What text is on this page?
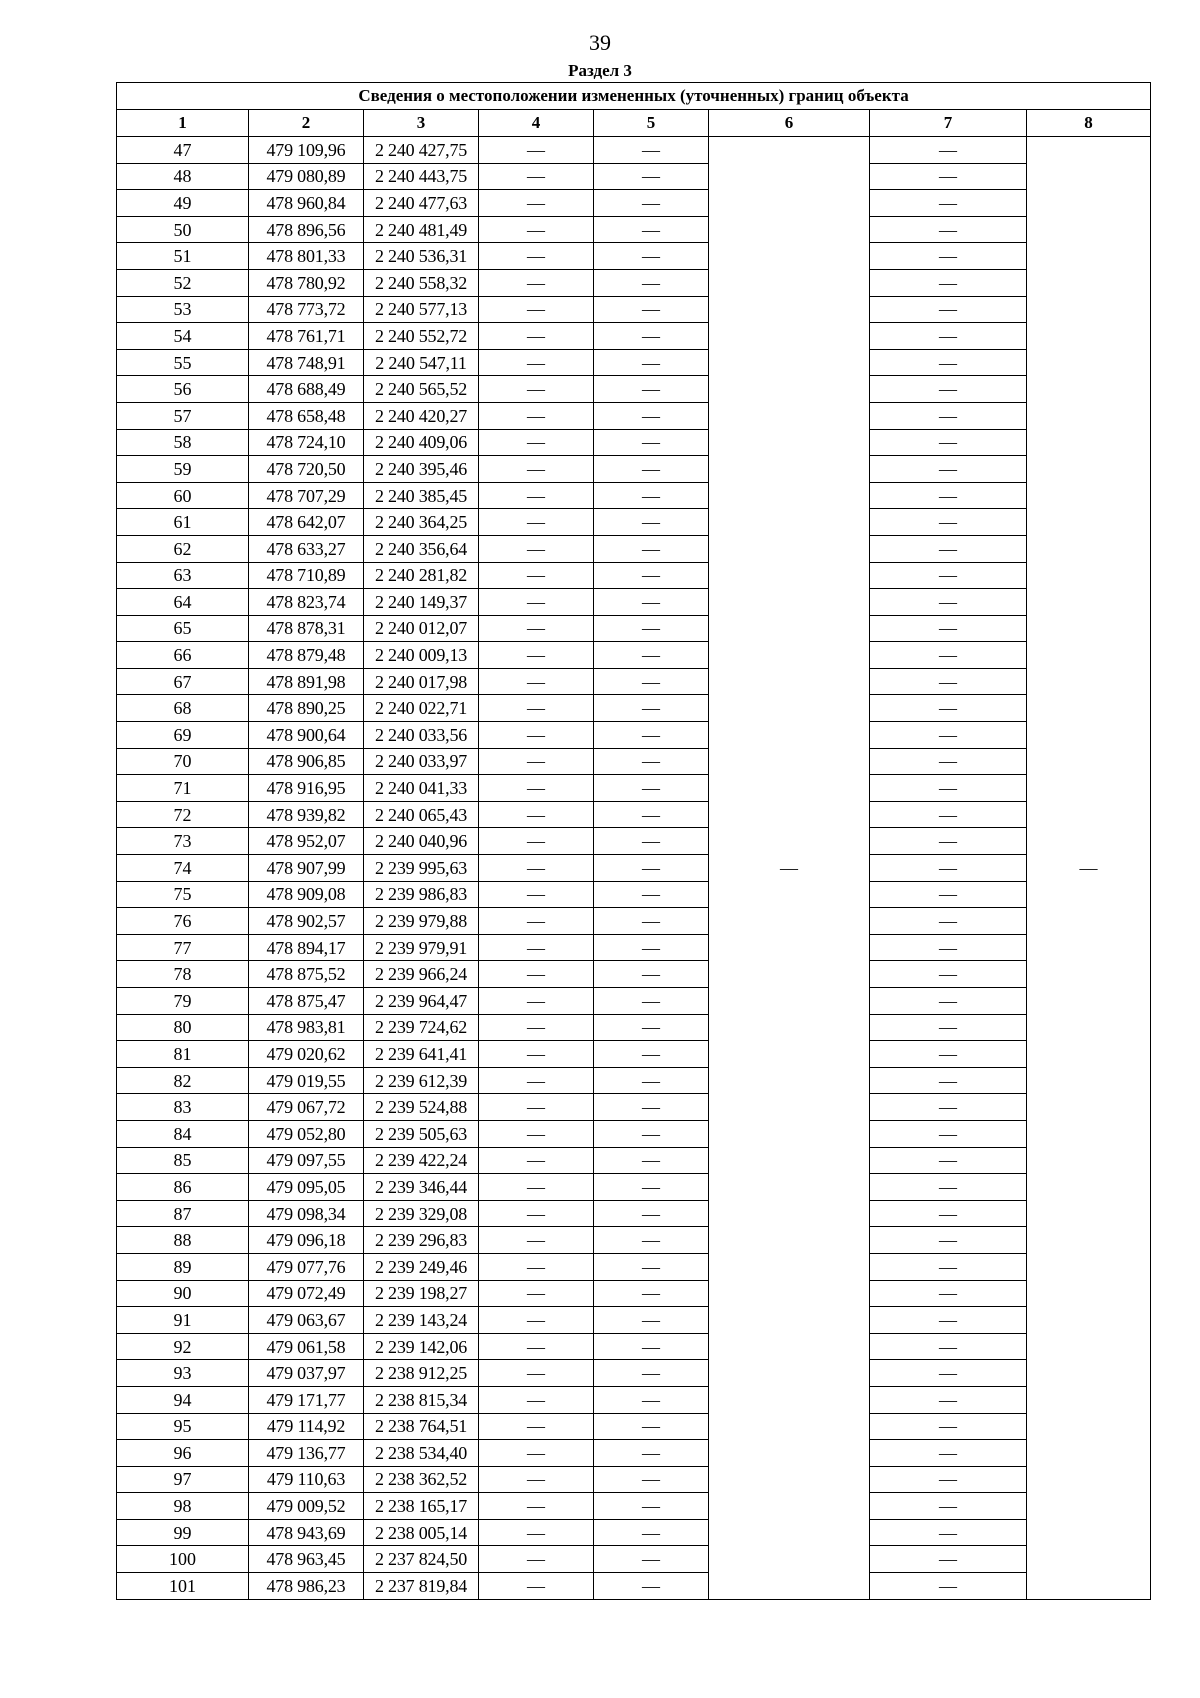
39
Раздел 3
Сведения о местоположении измененных (уточненных) границ объекта							
1	2	3	4	5	6	7	8
47	479 109,96	2 240 427,75	—	—	—	—	—
48	479 080,89	2 240 443,75	—	—		—	
49	478 960,84	2 240 477,63	—	—		—	
50	478 896,56	2 240 481,49	—	—		—	
51	478 801,33	2 240 536,31	—	—		—	
52	478 780,92	2 240 558,32	—	—		—	
53	478 773,72	2 240 577,13	—	—		—	
54	478 761,71	2 240 552,72	—	—		—	
55	478 748,91	2 240 547,11	—	—		—	
56	478 688,49	2 240 565,52	—	—		—	
57	478 658,48	2 240 420,27	—	—		—	
58	478 724,10	2 240 409,06	—	—		—	
59	478 720,50	2 240 395,46	—	—		—	
60	478 707,29	2 240 385,45	—	—		—	
61	478 642,07	2 240 364,25	—	—		—	
62	478 633,27	2 240 356,64	—	—		—	
63	478 710,89	2 240 281,82	—	—		—	
64	478 823,74	2 240 149,37	—	—		—	
65	478 878,31	2 240 012,07	—	—		—	
66	478 879,48	2 240 009,13	—	—		—	
67	478 891,98	2 240 017,98	—	—		—	
68	478 890,25	2 240 022,71	—	—		—	
69	478 900,64	2 240 033,56	—	—		—	
70	478 906,85	2 240 033,97	—	—		—	
71	478 916,95	2 240 041,33	—	—		—	
72	478 939,82	2 240 065,43	—	—		—	
73	478 952,07	2 240 040,96	—	—		—	
74	478 907,99	2 239 995,63	—	—		—	
75	478 909,08	2 239 986,83	—	—		—	
76	478 902,57	2 239 979,88	—	—		—	
77	478 894,17	2 239 979,91	—	—		—	
78	478 875,52	2 239 966,24	—	—		—	
79	478 875,47	2 239 964,47	—	—		—	
80	478 983,81	2 239 724,62	—	—		—	
81	479 020,62	2 239 641,41	—	—		—	
82	479 019,55	2 239 612,39	—	—		—	
83	479 067,72	2 239 524,88	—	—		—	
84	479 052,80	2 239 505,63	—	—		—	
85	479 097,55	2 239 422,24	—	—		—	
86	479 095,05	2 239 346,44	—	—		—	
87	479 098,34	2 239 329,08	—	—		—	
88	479 096,18	2 239 296,83	—	—		—	
89	479 077,76	2 239 249,46	—	—		—	
90	479 072,49	2 239 198,27	—	—		—	
91	479 063,67	2 239 143,24	—	—		—	
92	479 061,58	2 239 142,06	—	—		—	
93	479 037,97	2 238 912,25	—	—		—	
94	479 171,77	2 238 815,34	—	—		—	
95	479 114,92	2 238 764,51	—	—		—	
96	479 136,77	2 238 534,40	—	—		—	
97	479 110,63	2 238 362,52	—	—		—	
98	479 009,52	2 238 165,17	—	—		—	
99	478 943,69	2 238 005,14	—	—		—	
100	478 963,45	2 237 824,50	—	—		—	
101	478 986,23	2 237 819,84	—	—		—	
